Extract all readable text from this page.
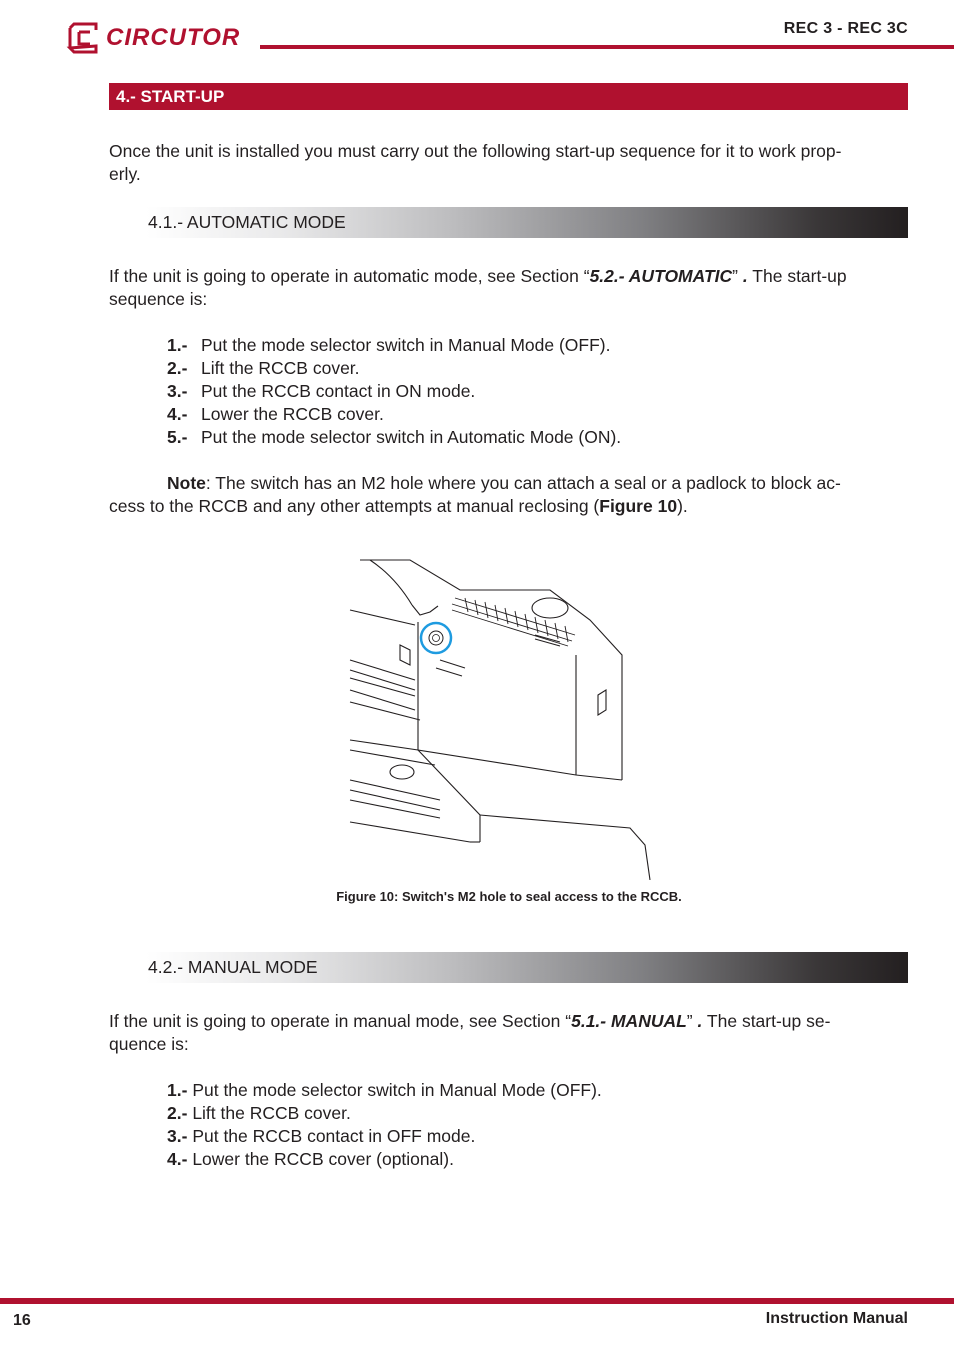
CIRCUTOR	REC 3 - REC 3C
4.- START-UP
Once the unit is installed you must carry out the following start-up sequence for it to work prop-
erly.
4.1.- AUTOMATIC MODE
If the unit is going to operate in automatic mode, see Section “5.2.- AUTOMATIC” . The start-up
sequence is:
1.- Put the mode selector switch in Manual Mode (OFF).
2.- Lift the RCCB cover.
3.- Put the RCCB contact in ON mode.
4.- Lower the RCCB cover.
5.- Put the mode selector switch in Automatic Mode (ON).
Note: The switch has an M2 hole where you can attach a seal or a padlock to block ac-
cess to the RCCB and any other attempts at manual reclosing (Figure 10).
Figure 10: Switch's M2 hole to seal access to the RCCB.
4.2.- MANUAL MODE
If the unit is going to operate in manual mode, see Section “5.1.- MANUAL” . The start-up se-
quence is:
1.- Put the mode selector switch in Manual Mode (OFF).
2.- Lift the RCCB cover.
3.- Put the RCCB contact in OFF mode.
4.- Lower the RCCB cover (optional).
16	Instruction Manual
